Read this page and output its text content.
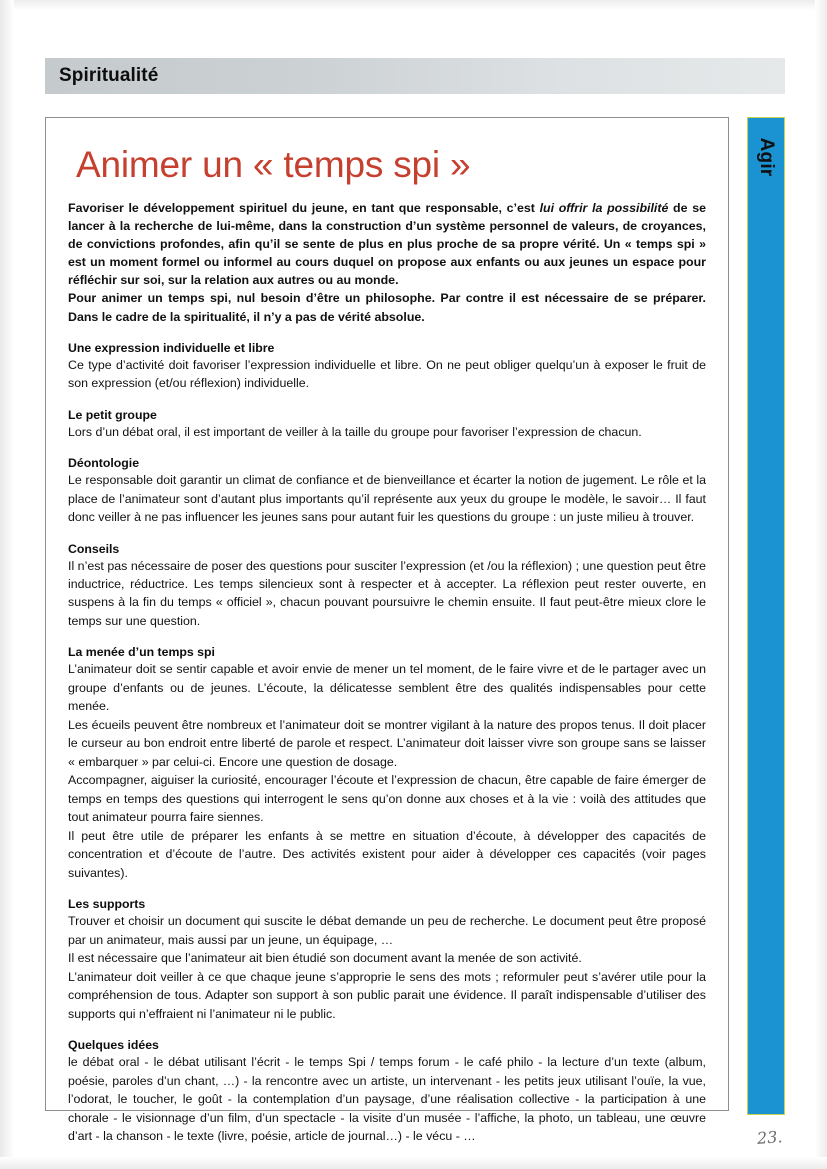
Spiritualité
Agir
Animer un « temps spi »

Favoriser le développement spirituel du jeune, en tant que responsable, c’est lui offrir la possibilité de se lancer à la recherche de lui-même, dans la construction d’un système personnel de valeurs, de croyances, de convictions profondes, afin qu’il se sente de plus en plus proche de sa propre vérité. Un « temps spi » est un moment formel ou informel au cours duquel on propose aux enfants ou aux jeunes un espace pour réfléchir sur soi, sur la relation aux autres ou au monde.

Pour animer un temps spi, nul besoin d’être un philosophe. Par contre il est nécessaire de se préparer. Dans le cadre de la spiritualité, il n’y a pas de vérité absolue.

Une expression individuelle et libre

Ce type d’activité doit favoriser l’expression individuelle et libre. On ne peut obliger quelqu’un à exposer le fruit de son expression (et/ou réflexion) individuelle.

Le petit groupe

Lors d’un débat oral, il est important de veiller à la taille du groupe pour favoriser l’expression de chacun.

Déontologie

Le responsable doit garantir un climat de confiance et de bienveillance et écarter la notion de jugement. Le rôle et la place de l’animateur sont d’autant plus importants qu’il représente aux yeux du groupe le modèle, le savoir… Il faut donc veiller à ne pas influencer les jeunes sans pour autant fuir les questions du groupe : un juste milieu à trouver.

Conseils

Il n’est pas nécessaire de poser des questions pour susciter l’expression (et /ou la réflexion) ; une question peut être inductrice, réductrice. Les temps silencieux sont à respecter et à accepter. La réflexion peut rester ouverte, en suspens à la fin du temps « officiel », chacun pouvant poursuivre le chemin ensuite. Il faut peut-être mieux clore le temps sur une question.

La menée d’un temps spi

L’animateur doit se sentir capable et avoir envie de mener un tel moment, de le faire vivre et de le partager avec un groupe d’enfants ou de jeunes. L’écoute, la délicatesse semblent être des qualités indispensables pour cette menée.

Les écueils peuvent être nombreux et l’animateur doit se montrer vigilant à la nature des propos tenus. Il doit placer le curseur au bon endroit entre liberté de parole et respect. L’animateur doit laisser vivre son groupe sans se laisser « embarquer » par celui-ci. Encore une question de dosage.

Accompagner, aiguiser la curiosité, encourager l’écoute et l’expression de chacun, être capable de faire émerger de temps en temps des questions qui interrogent le sens qu’on donne aux choses et à la vie : voilà des attitudes que tout animateur pourra faire siennes.

Il peut être utile de préparer les enfants à se mettre en situation d’écoute, à développer des capacités de concentration et d’écoute de l’autre. Des activités existent pour aider à développer ces capacités (voir pages suivantes).

Les supports

Trouver et choisir un document qui suscite le débat demande un peu de recherche. Le document peut être proposé par un animateur, mais aussi par un jeune, un équipage, …

Il est nécessaire que l’animateur ait bien étudié son document avant la menée de son activité.

L’animateur doit veiller à ce que chaque jeune s’approprie le sens des mots ; reformuler peut s’avérer utile pour la compréhension de tous. Adapter son support à son public parait une évidence. Il paraît indispensable d’utiliser des supports qui n’effraient ni l’animateur ni le public.

Quelques idées

le débat oral - le débat utilisant l’écrit - le temps Spi / temps forum - le café philo - la lecture d’un texte (album, poésie, paroles d’un chant, …) - la rencontre avec un artiste, un intervenant - les petits jeux utilisant l’ouïe, la vue, l’odorat, le toucher, le goût - la contemplation d’un paysage, d’une réalisation collective - la participation à une chorale - le visionnage d’un film, d’un spectacle - la visite d’un musée - l’affiche, la photo, un tableau, une œuvre d’art - la chanson - le texte (livre, poésie, article de journal…) - le vécu - …	23.
